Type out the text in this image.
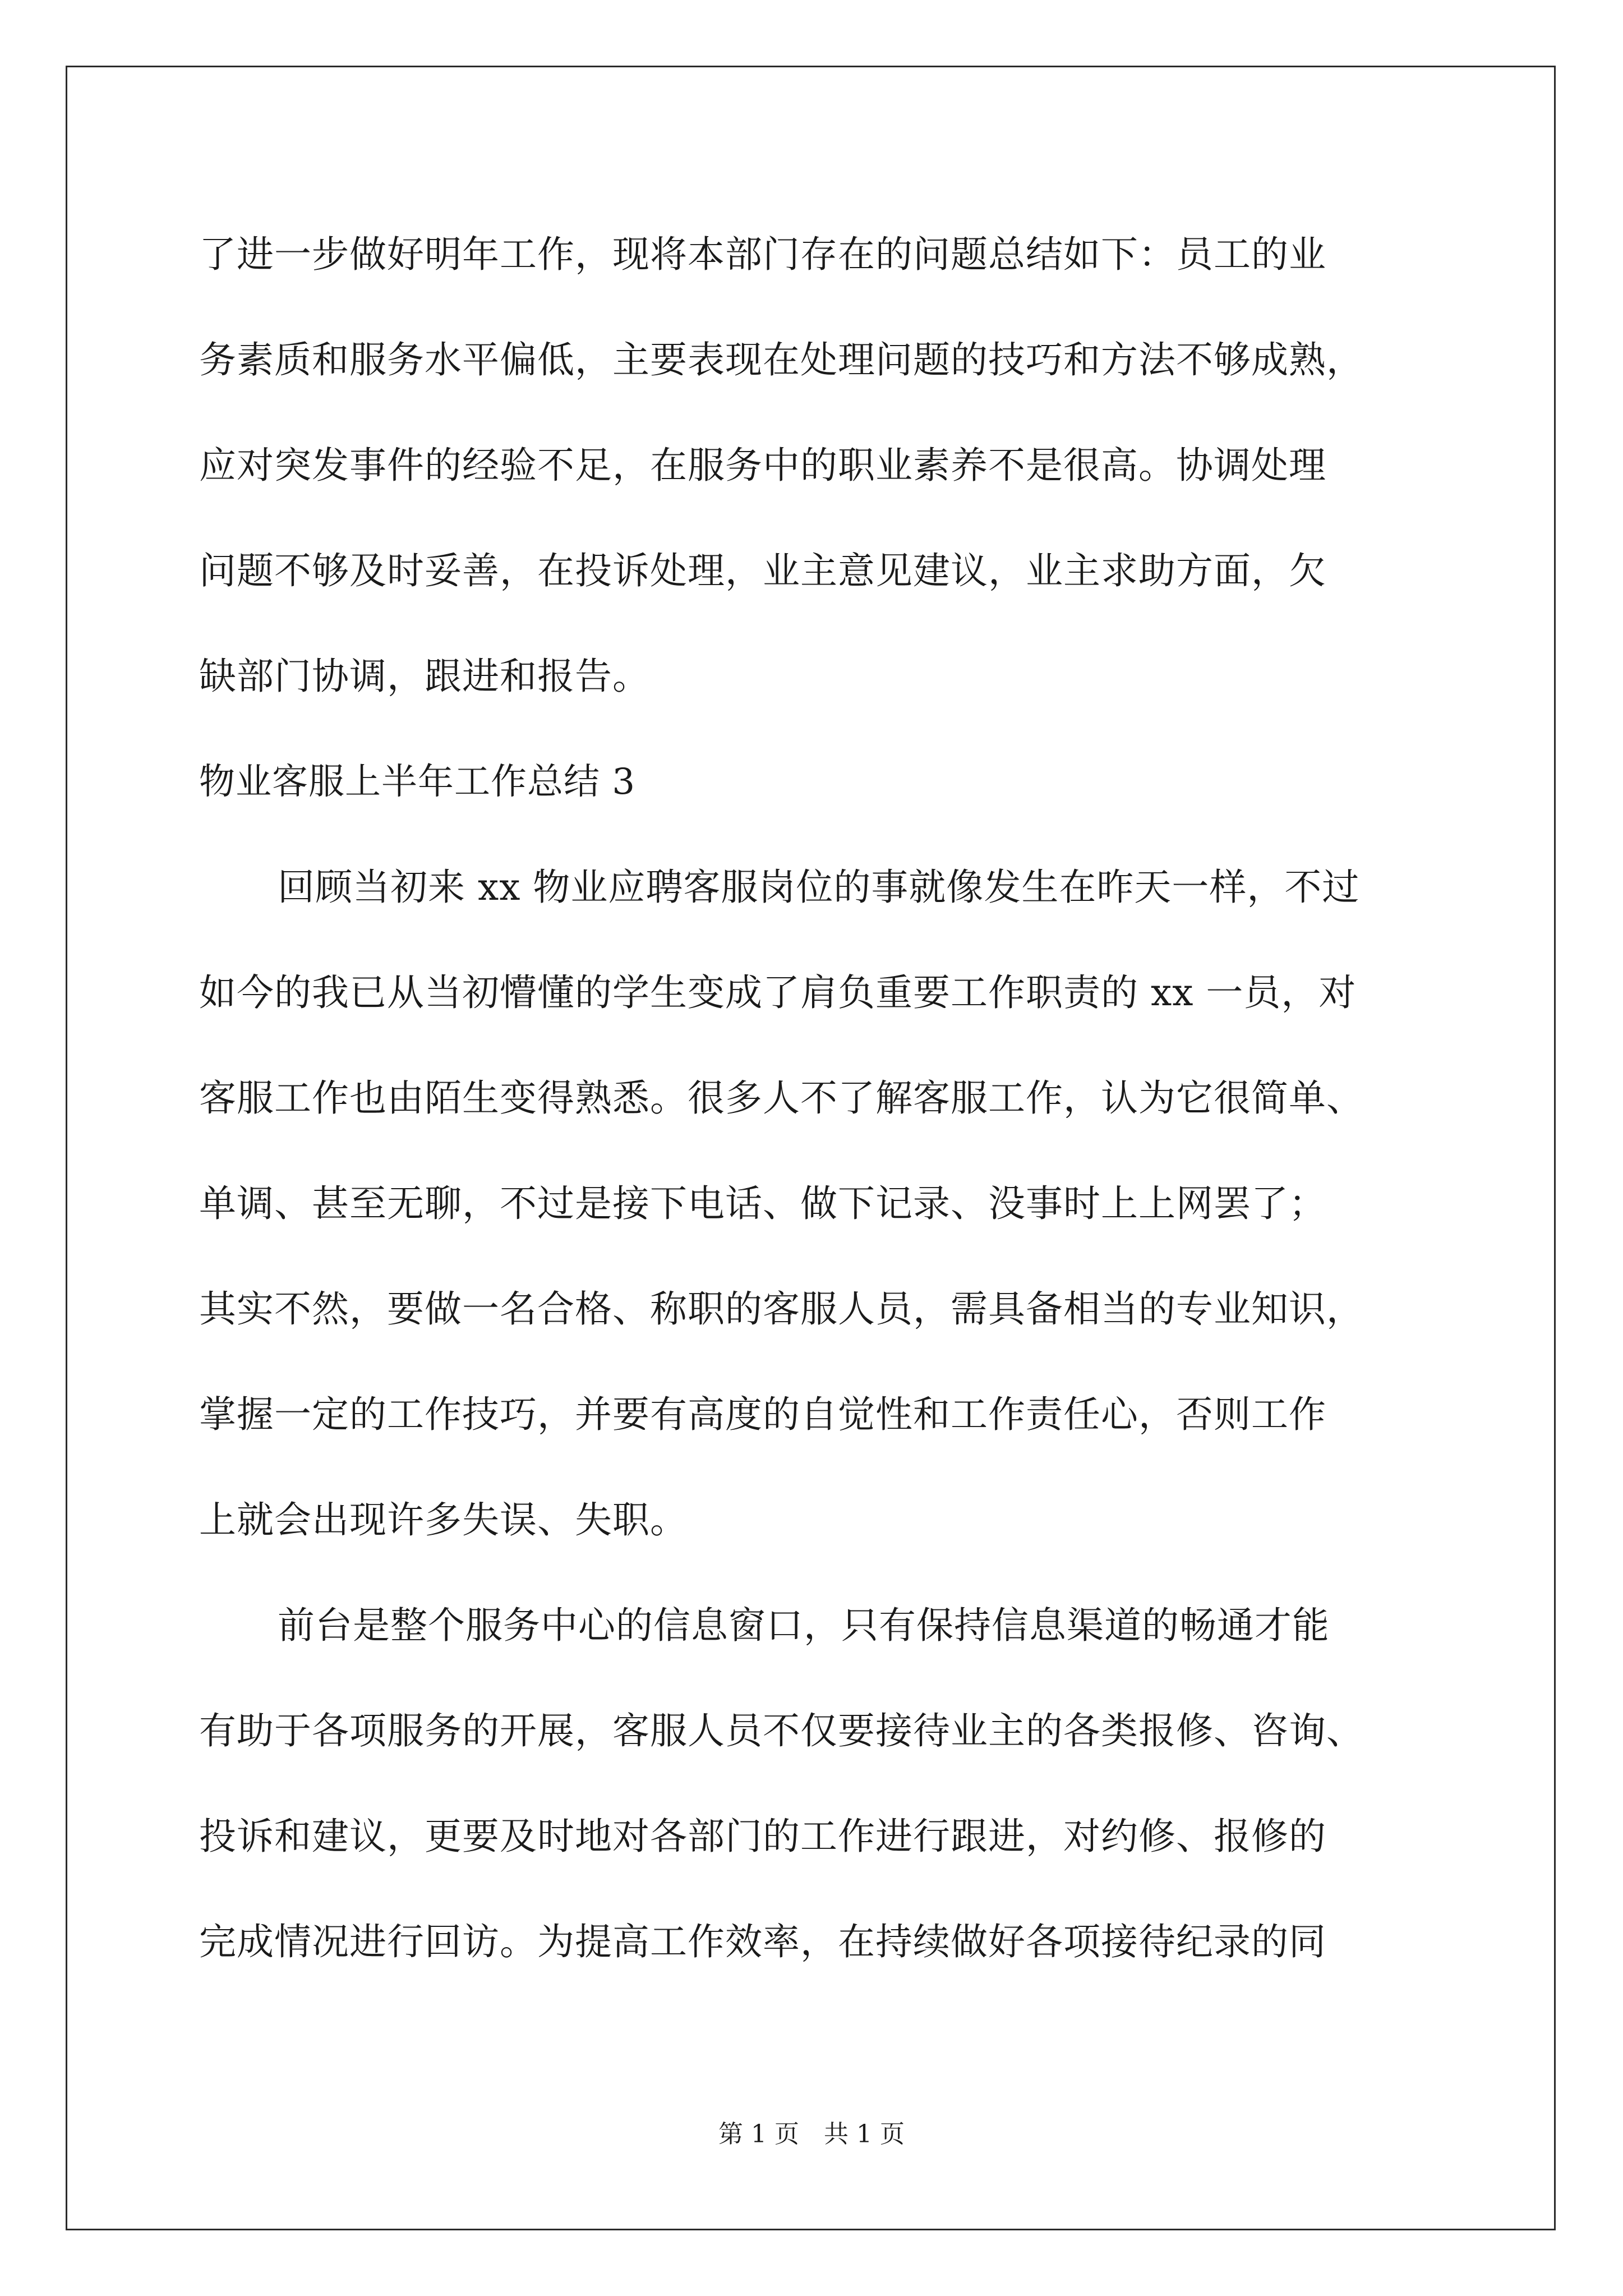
了进一步做好明年工作，现将本部门存在的问题总结如下：员工的业
务素质和服务水平偏低，主要表现在处理问题的技巧和方法不够成熟，
应对突发事件的经验不足，在服务中的职业素养不是很高。协调处理
问题不够及时妥善，在投诉处理，业主意见建议，业主求助方面，欠
缺部门协调，跟进和报告。
物业客服上半年工作总结 3
回顾当初来 xx 物业应聘客服岗位的事就像发生在昨天一样，不过
如今的我已从当初懵懂的学生变成了肩负重要工作职责的 xx 一员，对
客服工作也由陌生变得熟悉。很多人不了解客服工作，认为它很简单、
单调、甚至无聊，不过是接下电话、做下记录、没事时上上网罢了；
其实不然，要做一名合格、称职的客服人员，需具备相当的专业知识，
掌握一定的工作技巧，并要有高度的自觉性和工作责任心，否则工作
上就会出现许多失误、失职。
前台是整个服务中心的信息窗口，只有保持信息渠道的畅通才能
有助于各项服务的开展，客服人员不仅要接待业主的各类报修、咨询、
投诉和建议，更要及时地对各部门的工作进行跟进，对约修、报修的
完成情况进行回访。为提高工作效率，在持续做好各项接待纪录的同
第 1 页　共 1 页
